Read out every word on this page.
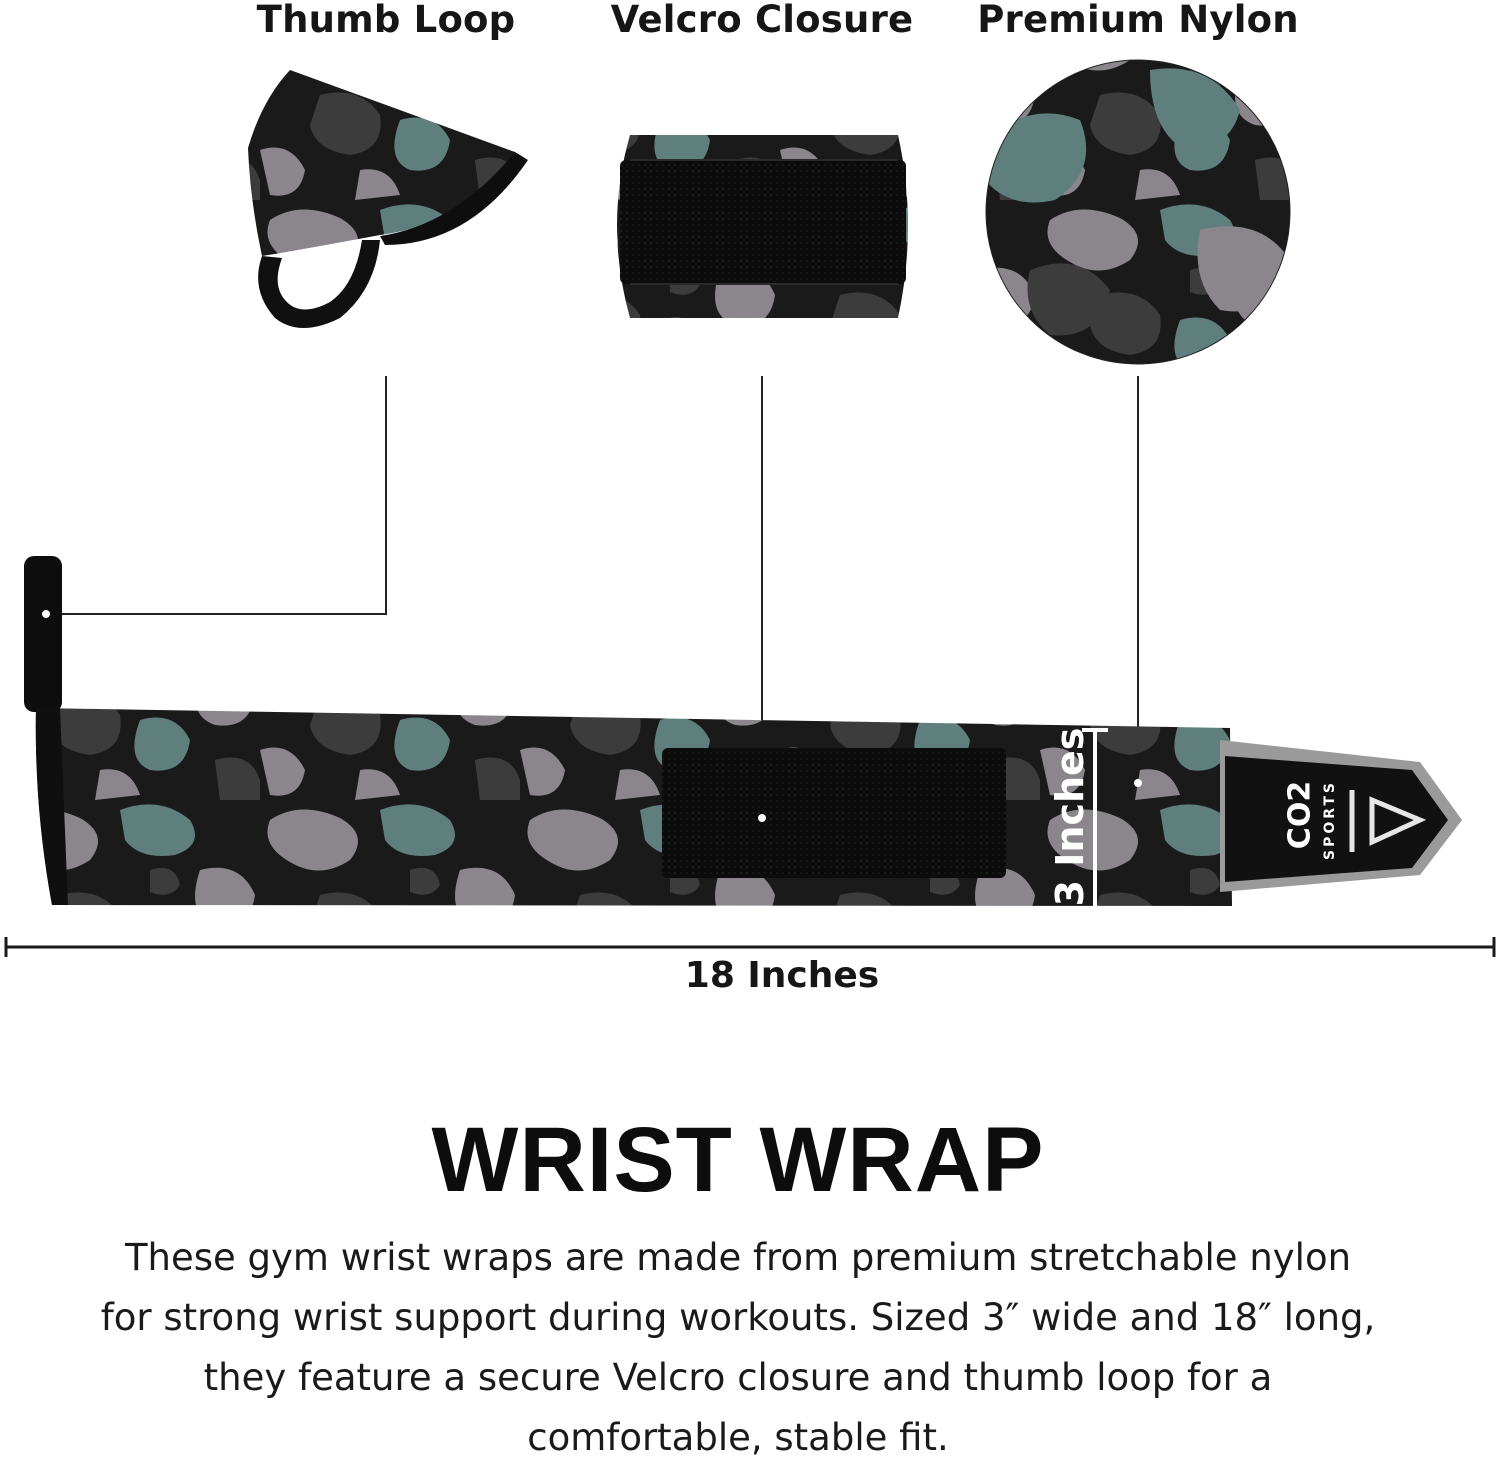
Thumb Loop	Velcro Closure Premium Nylon
CO2 SPORTS
3 Inches
18 Inches
WRIST WRAP

These gym wrist wraps are made from premium stretchable nylon for strong wrist support during workouts. Sized 3″ wide and 18″ long, they feature a secure Velcro closure and thumb loop for a comfortable, stable fit.
